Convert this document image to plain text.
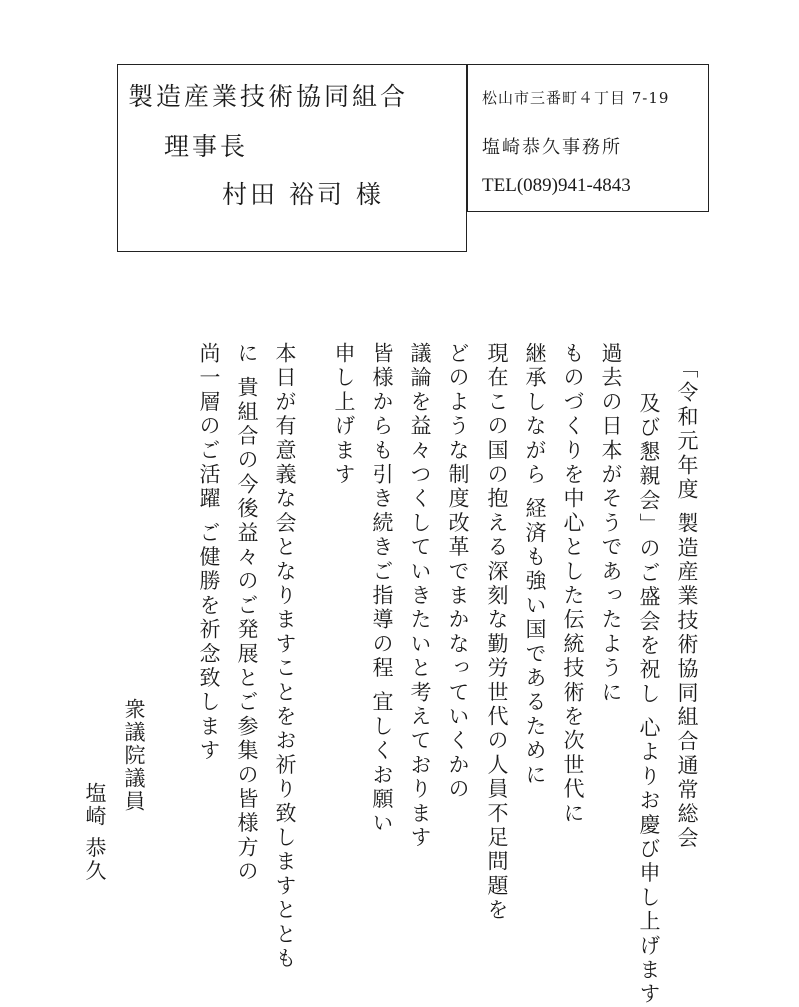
製造産業技術協同組合
理事長
村田 裕司 様
松山市三番町４丁目 7-19
塩崎恭久事務所
TEL(089)941-4843
「令和元年度 製造産業技術協同組合通常総会
及び懇親会」のご盛会を祝し 心よりお慶び申し上げます
過去の日本がそうであったように
ものづくりを中心とした伝統技術を次世代に
継承しながら 経済も強い国であるために
現在この国の抱える深刻な勤労世代の人員不足問題を
どのような制度改革でまかなっていくかの
議論を益々つくしていきたいと考えております
皆様からも引き続きご指導の程 宜しくお願い
申し上げます
本日が有意義な会となりますことをお祈り致しますととも
に 貴組合の今後益々のご発展とご参集の皆様方の
尚一層のご活躍 ご健勝を祈念致します
衆議院議員
塩崎 恭久
